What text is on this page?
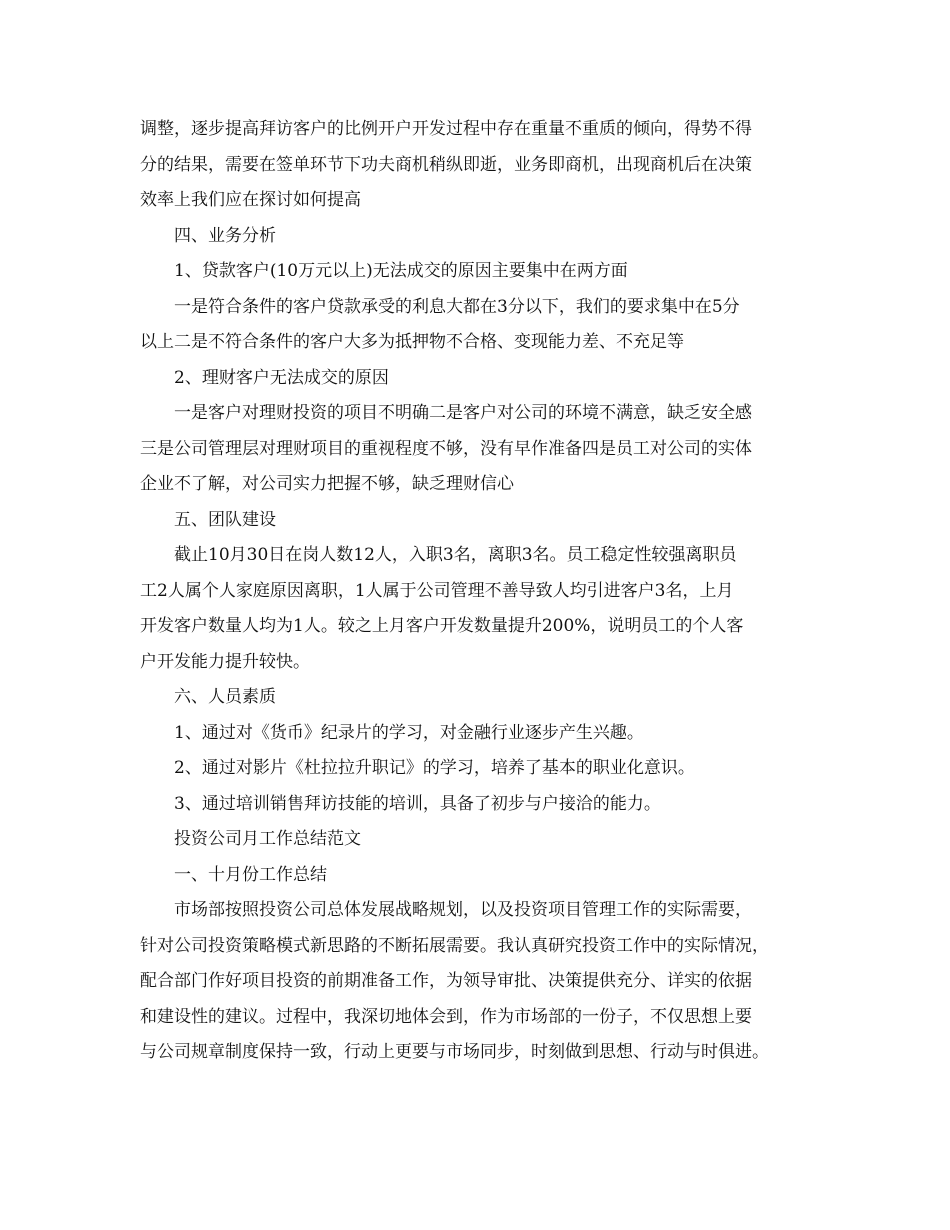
调整，逐步提高拜访客户的比例开户开发过程中存在重量不重质的倾向，得势不得
分的结果，需要在签单环节下功夫商机稍纵即逝，业务即商机，出现商机后在决策
效率上我们应在探讨如何提高
四、业务分析
1、贷款客户(10万元以上)无法成交的原因主要集中在两方面
一是符合条件的客户贷款承受的利息大都在3分以下，我们的要求集中在5分
以上二是不符合条件的客户大多为抵押物不合格、变现能力差、不充足等
2、理财客户无法成交的原因
一是客户对理财投资的项目不明确二是客户对公司的环境不满意，缺乏安全感
三是公司管理层对理财项目的重视程度不够，没有早作准备四是员工对公司的实体
企业不了解，对公司实力把握不够，缺乏理财信心
五、团队建设
截止10月30日在岗人数12人，入职3名，离职3名。员工稳定性较强离职员
工2人属个人家庭原因离职，1人属于公司管理不善导致人均引进客户3名，上月
开发客户数量人均为1人。较之上月客户开发数量提升200%，说明员工的个人客
户开发能力提升较快。
六、人员素质
1、通过对《货币》纪录片的学习，对金融行业逐步产生兴趣。
2、通过对影片《杜拉拉升职记》的学习，培养了基本的职业化意识。
3、通过培训销售拜访技能的培训，具备了初步与户接洽的能力。
投资公司月工作总结范文
一、十月份工作总结
市场部按照投资公司总体发展战略规划，以及投资项目管理工作的实际需要，
针对公司投资策略模式新思路的不断拓展需要。我认真研究投资工作中的实际情况，
配合部门作好项目投资的前期准备工作，为领导审批、决策提供充分、详实的依据
和建设性的建议。过程中，我深切地体会到，作为市场部的一份子，不仅思想上要
与公司规章制度保持一致，行动上更要与市场同步，时刻做到思想、行动与时俱进。
